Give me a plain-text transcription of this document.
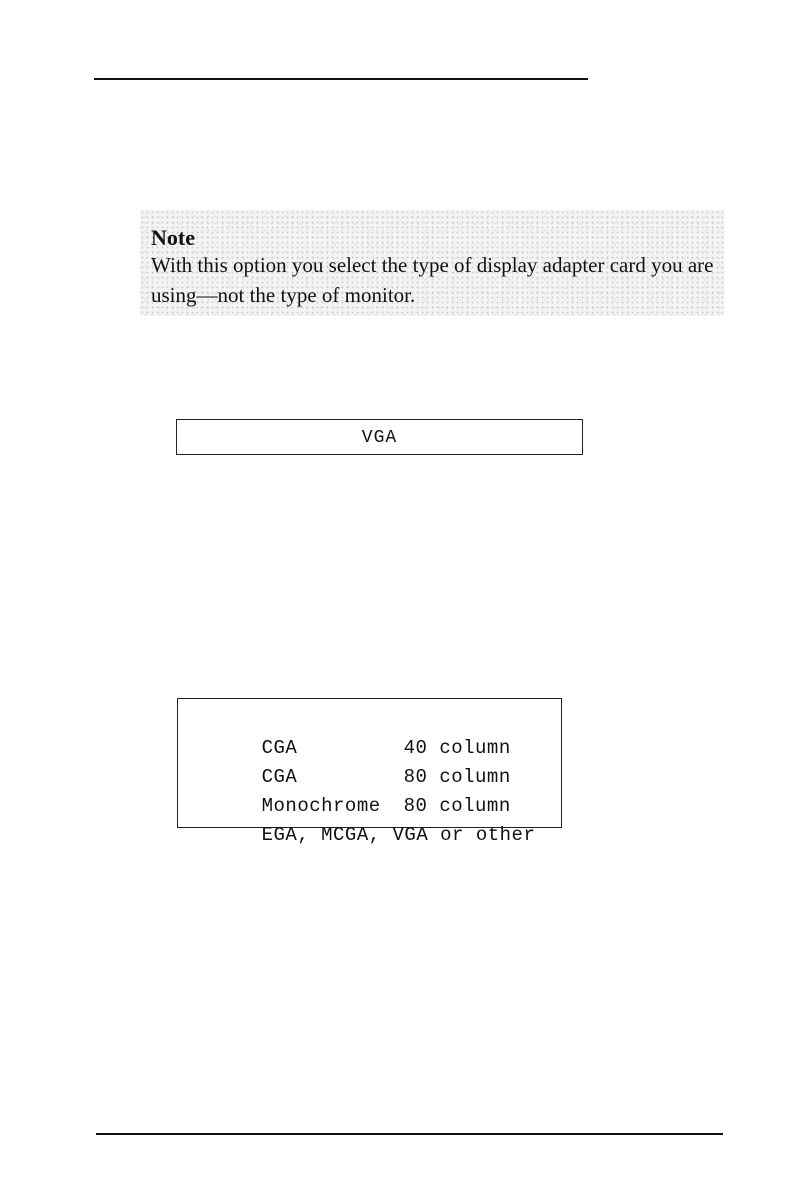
Note

With this option you select the type of display adapter card you are using—not the type of monitor.

VGA

CGA	40 column

CGA	80 column

Monochrome 80 column

EGA, MCGA, VGA or other
